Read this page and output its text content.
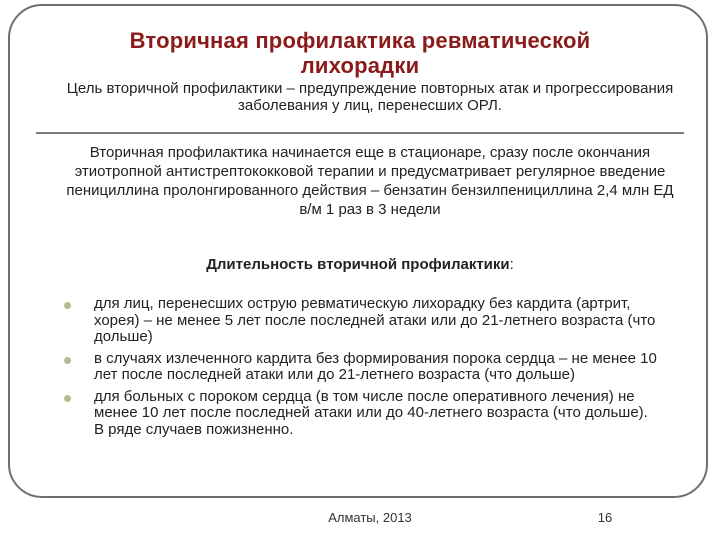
Вторичная профилактика ревматической
лихорадки
Цель вторичной профилактики – предупреждение повторных атак и прогрессирования заболевания у лиц, перенесших ОРЛ.
Вторичная профилактика начинается еще в стационаре, сразу после окончания этиотропной антистрептококковой терапии и предусматривает регулярное введение пенициллина пролонгированного действия – бензатин бензилпенициллина 2,4 млн ЕД в/м 1 раз в 3 недели
Длительность вторичной профилактики:
для лиц, перенесших острую ревматическую лихорадку без кардита (артрит, хорея) – не менее 5 лет после последней атаки или до 21-летнего возраста (что дольше)
в случаях излеченного кардита без формирования порока сердца – не менее 10 лет после последней атаки или до 21-летнего возраста (что дольше)
для больных с пороком сердца (в том числе после оперативного лечения) не менее 10 лет после последней атаки или до 40-летнего возраста (что дольше). В ряде случаев пожизненно.
Алматы, 2013	16
